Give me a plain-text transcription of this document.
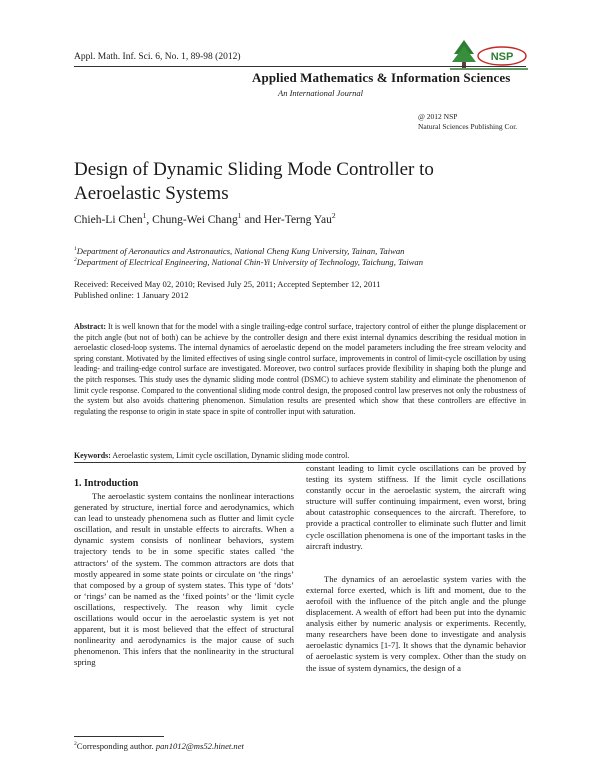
Appl. Math. Inf. Sci. 6, No. 1, 89-98 (2012)	NSP
Applied Mathematics & Information Sciences
An International Journal
@ 2012 NSP
Natural Sciences Publishing Cor.
Design of Dynamic Sliding Mode Controller to Aeroelastic Systems
Chieh-Li Chen$^1$, Chung-Wei Chang$^1$ and Her-Terng Yau$^2$
$^1$Department of Aeronautics and Astronautics, National Cheng Kung University, Tainan, Taiwan
$^2$Department of Electrical Engineering, National Chin-Yi University of Technology, Taichung, Taiwan
Received: Received May 02, 2010; Revised July 25, 2011; Accepted September 12, 2011
Published online: 1 January 2012
Abstract: It is well known that for the model with a single trailing-edge control surface, trajectory control of either the plunge displacement or the pitch angle (but not of both) can be achieve by the controller design and there exist internal dynamics describing the residual motion in aeroelastic closed-loop systems. The internal dynamics of aeroelastic depend on the model parameters including the free stream velocity and spring constant. Motivated by the limited effectives of using single control surface, improvements in control of limit-cycle oscillation by using leading- and trailing-edge control surface are investigated. Moreover, two control surfaces provide flexibility in shaping both the plunge and the pitch responses. This study uses the dynamic sliding mode control (DSMC) to achieve system stability and eliminate the phenomenon of limit cycle response. Compared to the conventional sliding mode control design, the proposed control law preserves not only the robustness of the system but also avoids chattering phenomenon. Simulation results are presented which show that these controllers are effective in regulating the response to origin in state space in spite of controller input with saturation.
Keywords: Aeroelastic system, Limit cycle oscillation, Dynamic sliding mode control.
1. Introduction

The aeroelastic system contains the nonlinear interactions generated by structure, inertial force and aerodynamics, which can lead to unsteady phenomena such as flutter and limit cycle oscillation, and result in unstable effects to aircrafts. When a dynamic system consists of nonlinear behaviors, system trajectory tends to be in some specific states called ‘the attractors’ of the system. The common attractors are dots that mostly appeared in some state points or circulate on ‘the rings’ that composed by a group of system states. This type of ‘dots’ or ‘rings’ can be named as the ‘fixed points’ or the ‘limit cycle oscillations, respectively. The reason why limit cycle oscillations would occur in the aeroelastic system is yet not apparent, but it is most believed that the effect of structural nonlinearity and aerodynamics is the major cause of such phenomenon. This infers that the nonlinearity in the structural spring

constant leading to limit cycle oscillations can be proved by testing its system stiffness. If the limit cycle oscillations constantly occur in the aeroelastic system, the aircraft wing structure will suffer continuing impairment, even worst, bring about catastrophic consequences to the aircraft. Therefore, to provide a practical controller to eliminate such flutter and limit cycle oscillation phenomena is one of the important tasks in the aircraft industry.

The dynamics of an aeroelastic system varies with the external force exerted, which is lift and moment, due to the aerofoil with the influence of the pitch angle and the plunge displacement. A wealth of effort had been put into the dynamic analysis either by numeric analysis or experiments. Recently, many researchers have been done to investigate and analysis aeroelastic dynamics [1-7]. It shows that the dynamic behavior of aeroelastic system is very complex. Other than the study on the issue of system dynamics, the design of a

$^2$Corresponding author. pan1012@ms52.hinet.net
